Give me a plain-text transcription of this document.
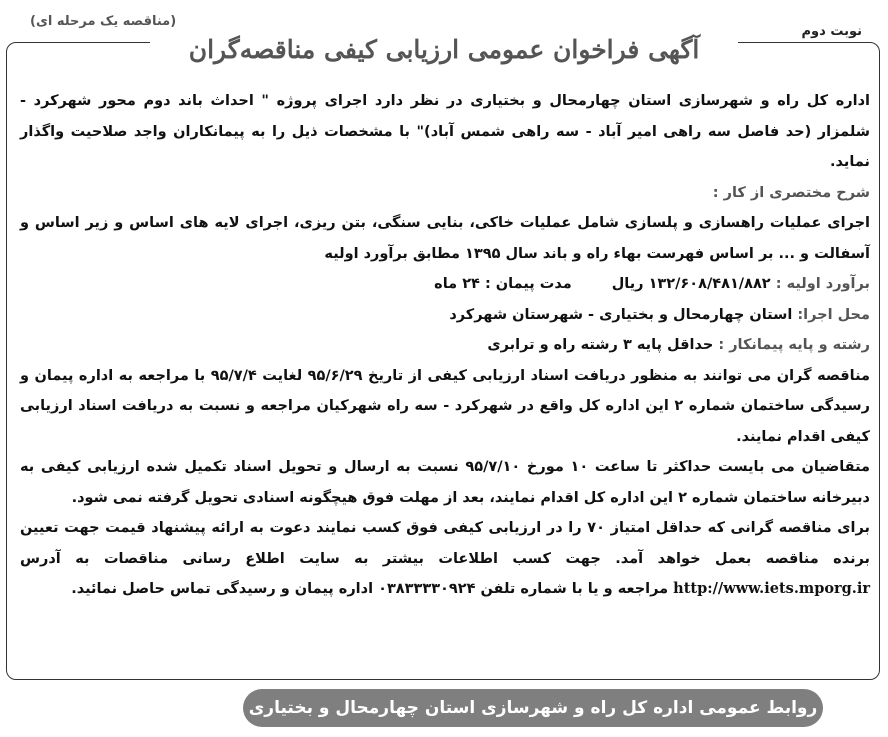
(مناقصه یک مرحله ای)
نوبت دوم
آگهی فراخوان عمومی ارزیابی کیفی مناقصه‌گران

اداره کل راه و شهرسازی استان چهارمحال و بختیاری در نظر دارد اجرای پروژه " احداث باند دوم محور شهرکرد - شلمزار (حد فاصل سه راهی امیر آباد - سه راهی شمس آباد)" با مشخصات ذیل را به پیمانکاران واجد صلاحیت واگذار نماید.

شرح مختصری از کار :

اجرای عملیات راهسازی و پلسازی شامل عملیات خاکی، بنایی سنگی، بتن ریزی، اجرای لایه های اساس و زیر اساس و آسفالت و ... بر اساس فهرست بهاء راه و باند سال ۱۳۹۵ مطابق برآورد اولیه

برآورد اولیه : ۱۳۲/۶۰۸/۴۸۱/۸۸۲ ریال
مدت پیمان : ۲۴ ماه

محل اجرا: استان چهارمحال و بختیاری - شهرستان شهرکرد

رشته و پایه پیمانکار : حداقل پایه ۳ رشته راه و ترابری

مناقصه گران می توانند به منظور دریافت اسناد ارزیابی کیفی از تاریخ ۹۵/۶/۲۹ لغایت ۹۵/۷/۴ با مراجعه به اداره پیمان و رسیدگی ساختمان شماره ۲ این اداره کل واقع در شهرکرد - سه راه شهرکیان مراجعه و نسبت به دریافت اسناد ارزیابی کیفی اقدام نمایند.

متقاضیان می بایست حداکثر تا ساعت ۱۰ مورخ ۹۵/۷/۱۰ نسبت به ارسال و تحویل اسناد تکمیل شده ارزیابی کیفی به دبیرخانه ساختمان شماره ۲ این اداره کل اقدام نمایند، بعد از مهلت فوق هیچگونه اسنادی تحویل گرفته نمی شود.

برای مناقصه گرانی که حداقل امتیاز ۷۰ را در ارزیابی کیفی فوق کسب نمایند دعوت به ارائه پیشنهاد قیمت جهت تعیین برنده مناقصه بعمل خواهد آمد. جهت کسب اطلاعات بیشتر به سایت اطلاع رسانی مناقصات به آدرس http://www.iets.mporg.ir مراجعه و یا با شماره تلفن ۰۳۸۳۳۳۳۰۹۲۴ اداره پیمان و رسیدگی تماس حاصل نمائید.

روابط عمومی اداره کل راه و شهرسازی استان چهارمحال و بختیاری
